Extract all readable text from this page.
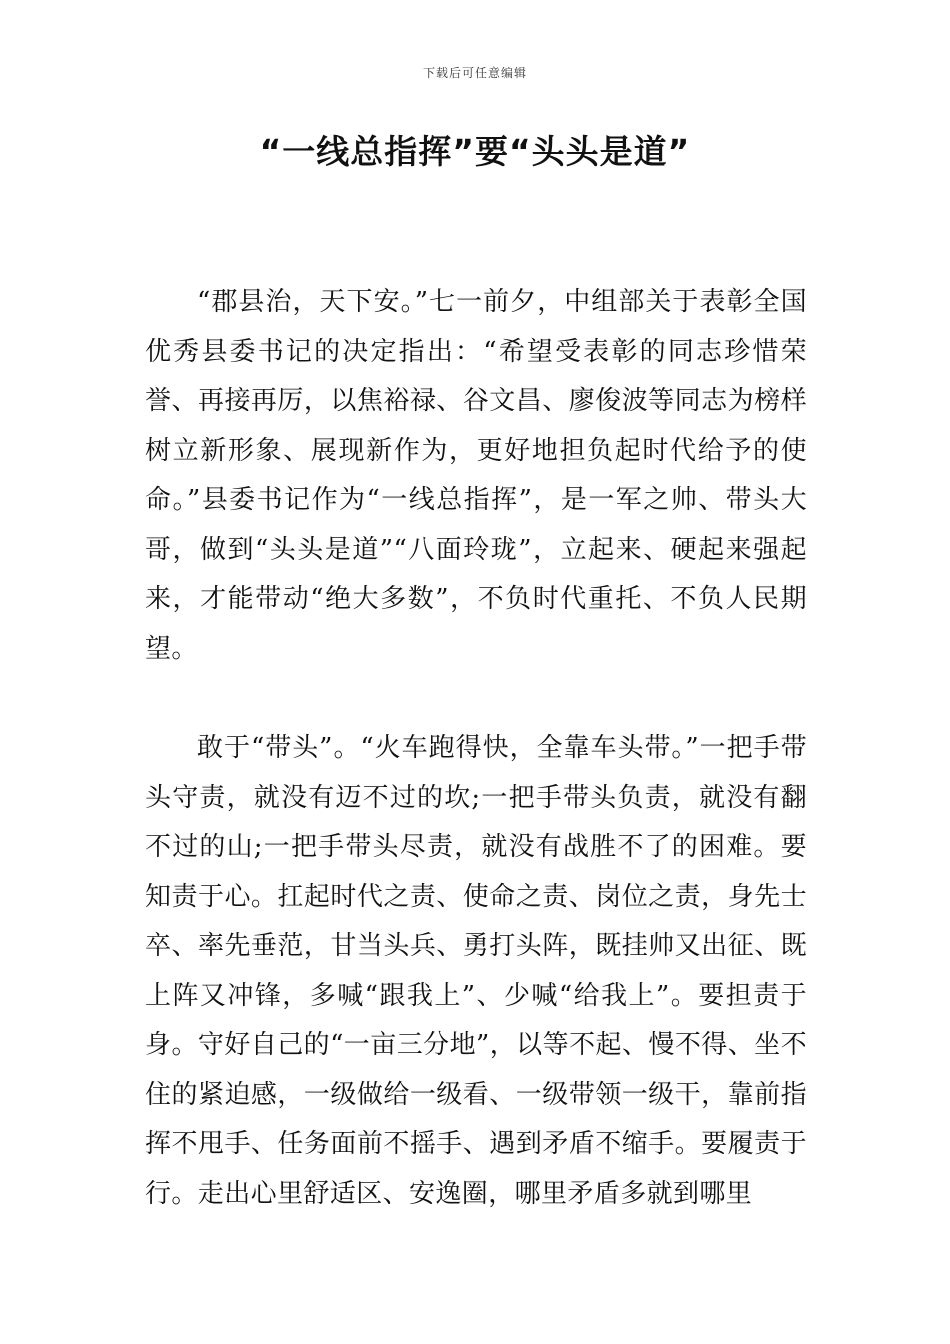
下载后可任意编辑
“一线总指挥”要“头头是道”

“郡县治，天下安。”七一前夕，中组部关于表彰全国优秀县委书记的决定指出：“希望受表彰的同志珍惜荣誉、再接再厉，以焦裕禄、谷文昌、廖俊波等同志为榜样树立新形象、展现新作为，更好地担负起时代给予的使命。”县委书记作为“一线总指挥”，是一军之帅、带头大哥，做到“头头是道”“八面玲珑”，立起来、硬起来强起来，才能带动“绝大多数”，不负时代重托、不负人民期望。

敢于“带头”。“火车跑得快，全靠车头带。”一把手带头守责，就没有迈不过的坎;一把手带头负责，就没有翻不过的山;一把手带头尽责，就没有战胜不了的困难。要知责于心。扛起时代之责、使命之责、岗位之责，身先士卒、率先垂范，甘当头兵、勇打头阵，既挂帅又出征、既上阵又冲锋，多喊“跟我上”、少喊“给我上”。要担责于身。守好自己的“一亩三分地”，以等不起、慢不得、坐不住的紧迫感，一级做给一级看、一级带领一级干，靠前指挥不甩手、任务面前不摇手、遇到矛盾不缩手。要履责于行。走出心里舒适区、安逸圈，哪里矛盾多就到哪里
